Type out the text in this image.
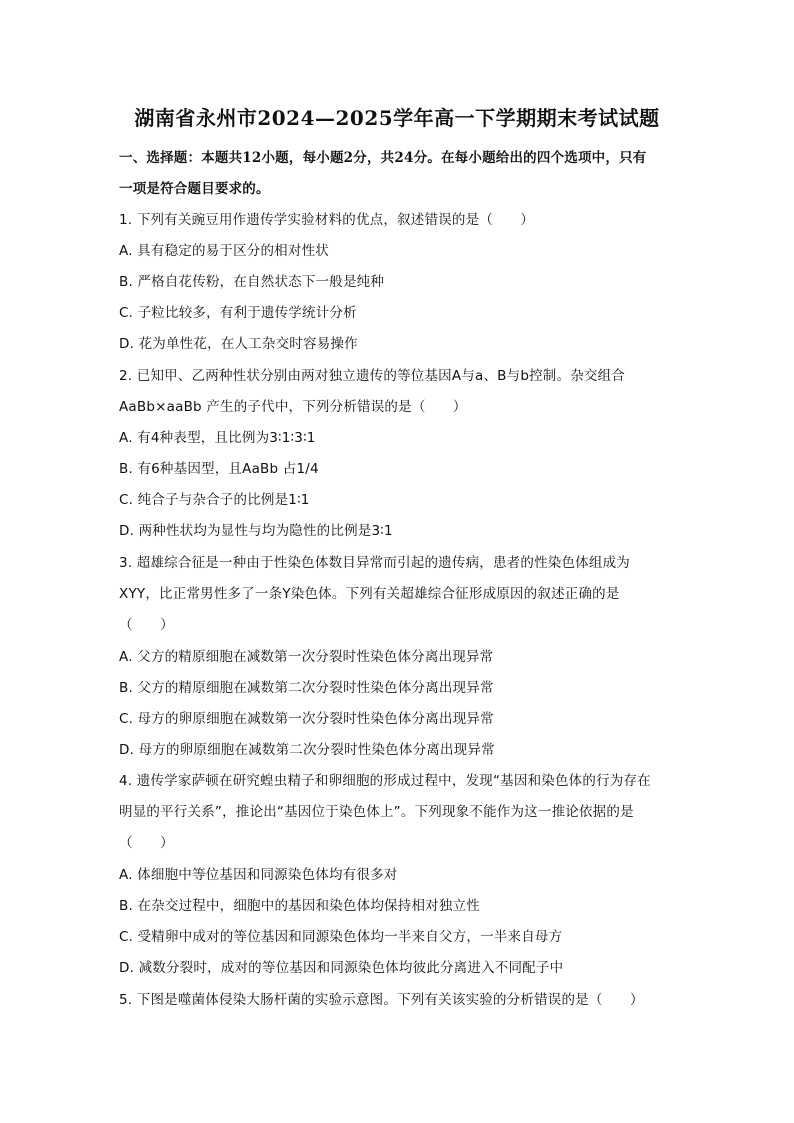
湖南省永州市2024—2025学年高一下学期期末考试试题
一、选择题：本题共12小题，每小题2分，共24分。在每小题给出的四个选项中，只有
一项是符合题目要求的。
1. 下列有关豌豆用作遗传学实验材料的优点，叙述错误的是（　　）
A. 具有稳定的易于区分的相对性状
B. 严格自花传粉，在自然状态下一般是纯种
C. 子粒比较多，有利于遗传学统计分析
D. 花为单性花，在人工杂交时容易操作
2. 已知甲、乙两种性状分别由两对独立遗传的等位基因A与a、B与b控制。杂交组合
AaBb×aaBb 产生的子代中，下列分析错误的是（　　）
A. 有4种表型，且比例为3∶1∶3∶1
B. 有6种基因型，且AaBb 占1/4
C. 纯合子与杂合子的比例是1∶1
D. 两种性状均为显性与均为隐性的比例是3∶1
3. 超雄综合征是一种由于性染色体数目异常而引起的遗传病，患者的性染色体组成为
XYY，比正常男性多了一条Y染色体。下列有关超雄综合征形成原因的叙述正确的是
（　　）
A. 父方的精原细胞在减数第一次分裂时性染色体分离出现异常
B. 父方的精原细胞在减数第二次分裂时性染色体分离出现异常
C. 母方的卵原细胞在减数第一次分裂时性染色体分离出现异常
D. 母方的卵原细胞在减数第二次分裂时性染色体分离出现异常
4. 遗传学家萨顿在研究蝗虫精子和卵细胞的形成过程中，发现“基因和染色体的行为存在
明显的平行关系”，推论出“基因位于染色体上”。下列现象不能作为这一推论依据的是
（　　）
A. 体细胞中等位基因和同源染色体均有很多对
B. 在杂交过程中，细胞中的基因和染色体均保持相对独立性
C. 受精卵中成对的等位基因和同源染色体均一半来自父方，一半来自母方
D. 减数分裂时，成对的等位基因和同源染色体均彼此分离进入不同配子中
5. 下图是噬菌体侵染大肠杆菌的实验示意图。下列有关该实验的分析错误的是（　　）
